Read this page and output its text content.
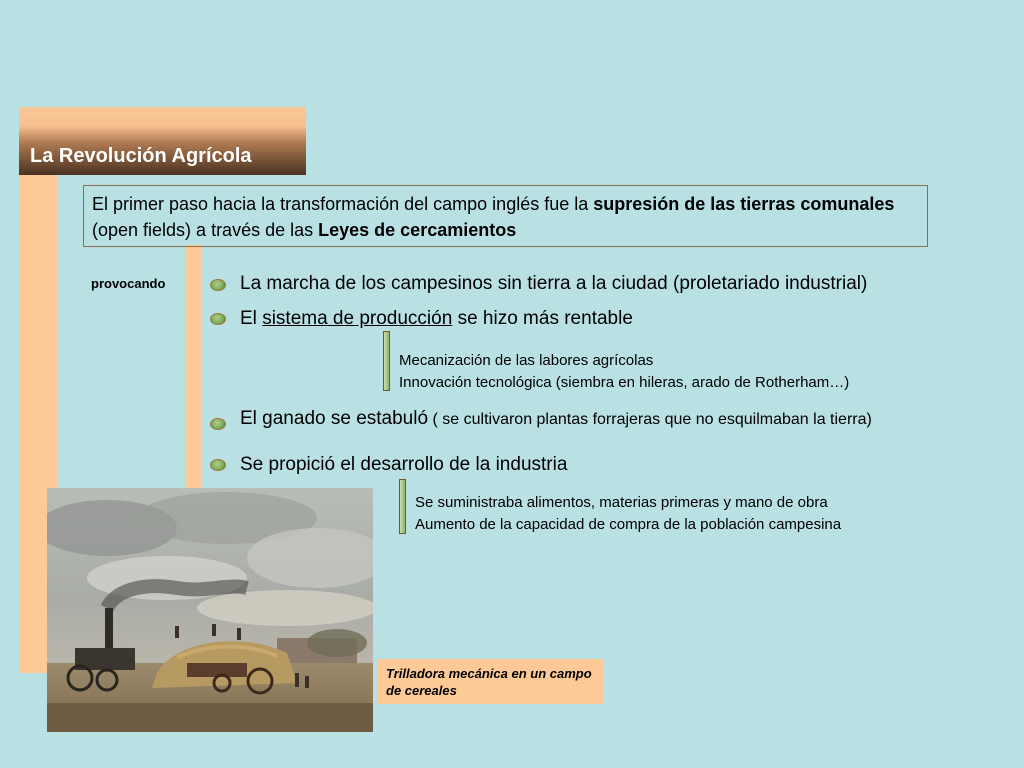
La Revolución Agrícola
El primer paso hacia la transformación del campo inglés fue la supresión de las tierras comunales (open fields) a través de las Leyes de cercamientos
provocando	La marcha de los campesinos sin tierra a la ciudad (proletariado industrial)
El sistema de producción se hizo más rentable
Mecanización de las labores agrícolas
Innovación tecnológica (siembra en hileras, arado de Rotherham…)
El ganado se estabuló ( se cultivaron plantas forrajeras que no esquilmaban la tierra)
Se propició el desarrollo de la industria
Se suministraba alimentos, materias primeras y mano de obra
Aumento de la capacidad de compra de la población campesina
Trilladora mecánica en un campo de cereales
